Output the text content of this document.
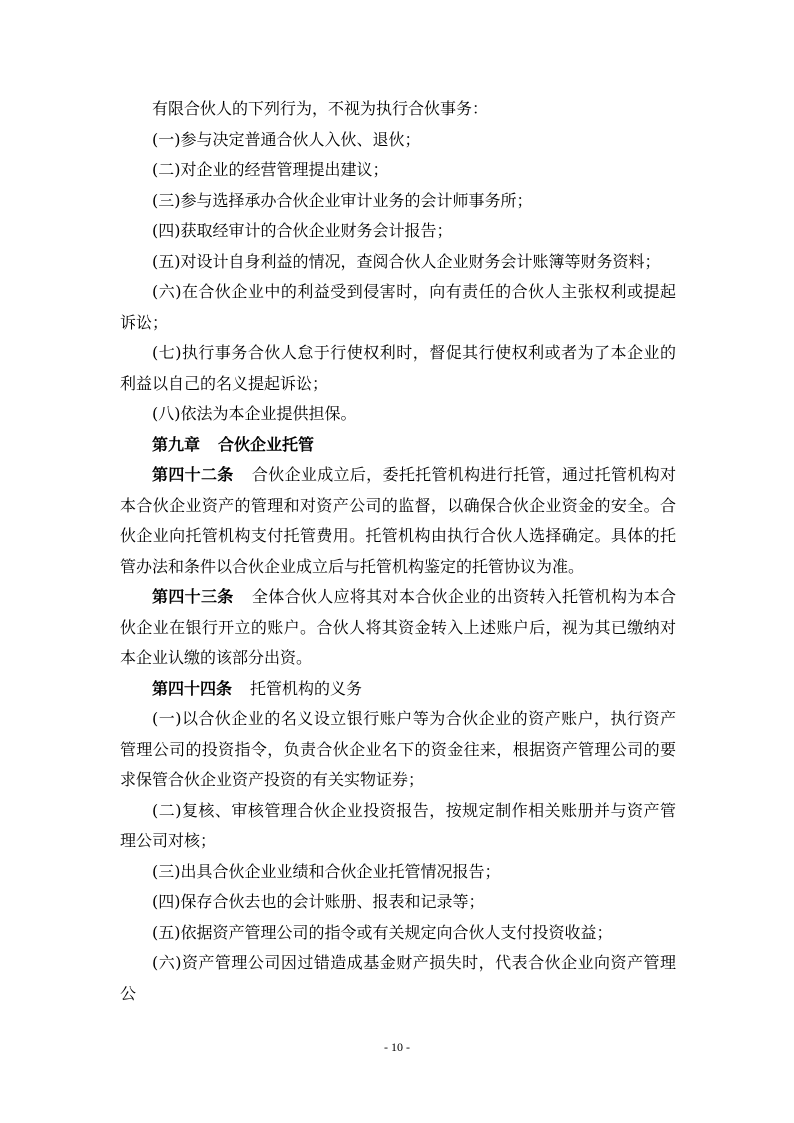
有限合伙人的下列行为，不视为执行合伙事务：

(一)参与决定普通合伙人入伙、退伙；

(二)对企业的经营管理提出建议；

(三)参与选择承办合伙企业审计业务的会计师事务所；

(四)获取经审计的合伙企业财务会计报告；

(五)对设计自身利益的情况，查阅合伙人企业财务会计账簿等财务资料；

(六)在合伙企业中的利益受到侵害时，向有责任的合伙人主张权利或提起诉讼；

(七)执行事务合伙人怠于行使权利时，督促其行使权利或者为了本企业的利益以自己的名义提起诉讼；

(八)依法为本企业提供担保。

第九章 合伙企业托管

第四十二条 合伙企业成立后，委托托管机构进行托管，通过托管机构对本合伙企业资产的管理和对资产公司的监督，以确保合伙企业资金的安全。合伙企业向托管机构支付托管费用。托管机构由执行合伙人选择确定。具体的托管办法和条件以合伙企业成立后与托管机构鉴定的托管协议为准。

第四十三条 全体合伙人应将其对本合伙企业的出资转入托管机构为本合伙企业在银行开立的账户。合伙人将其资金转入上述账户后，视为其已缴纳对本企业认缴的该部分出资。

第四十四条 托管机构的义务

(一)以合伙企业的名义设立银行账户等为合伙企业的资产账户，执行资产管理公司的投资指令，负责合伙企业名下的资金往来，根据资产管理公司的要求保管合伙企业资产投资的有关实物证券；

(二)复核、审核管理合伙企业投资报告，按规定制作相关账册并与资产管理公司对核；

(三)出具合伙企业业绩和合伙企业托管情况报告；

(四)保存合伙去也的会计账册、报表和记录等；

(五)依据资产管理公司的指令或有关规定向合伙人支付投资收益；

(六)资产管理公司因过错造成基金财产损失时，代表合伙企业向资产管理公

- 10 -
